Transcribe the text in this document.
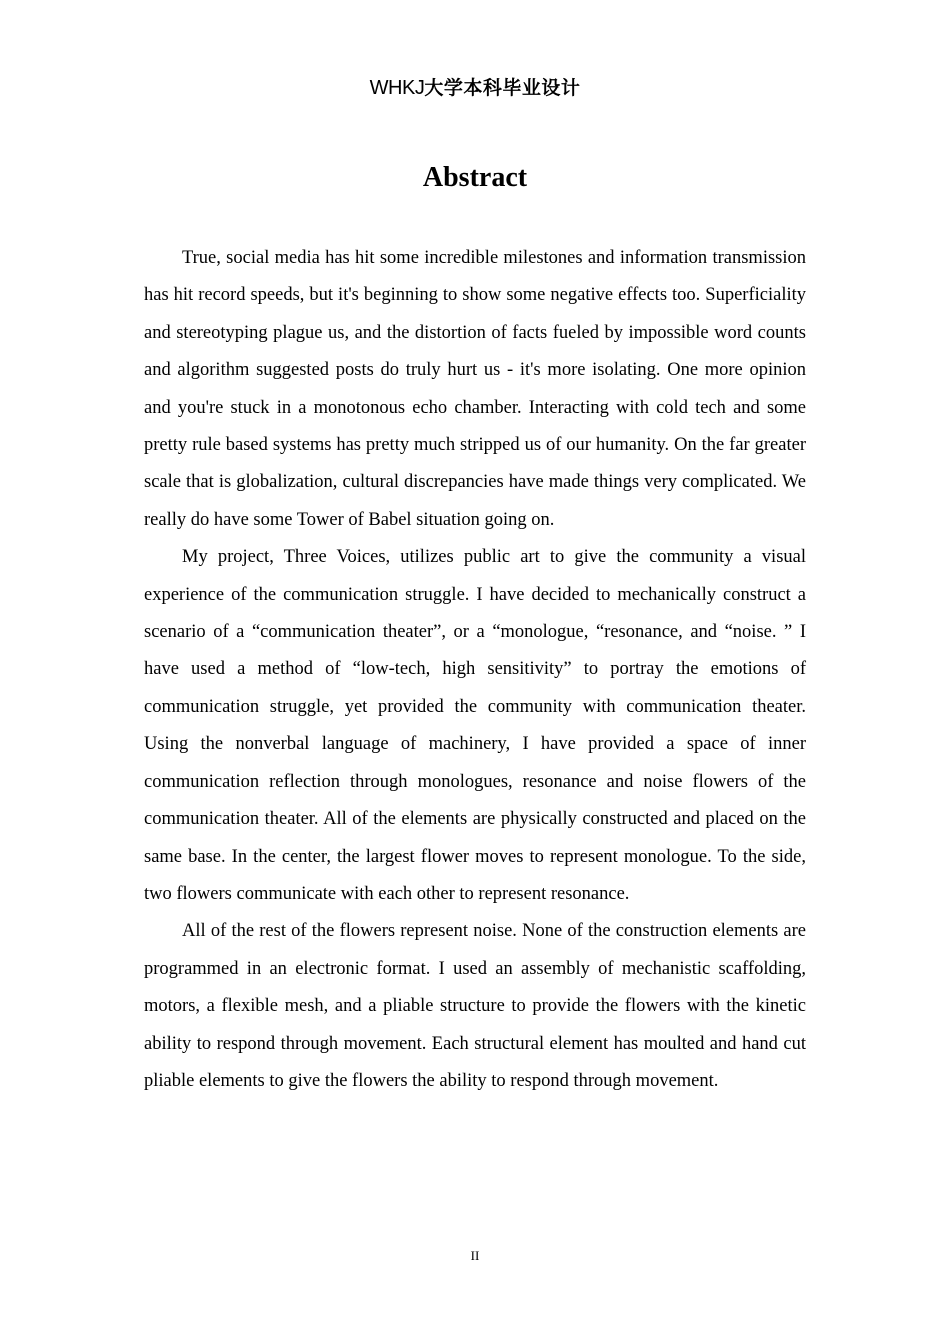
WHKJ大学本科毕业设计
Abstract

True, social media has hit some incredible milestones and information transmission has hit record speeds, but it's beginning to show some negative effects too. Superficiality and stereotyping plague us, and the distortion of facts fueled by impossible word counts and algorithm suggested posts do truly hurt us - it's more isolating. One more opinion and you're stuck in a monotonous echo chamber. Interacting with cold tech and some pretty rule based systems has pretty much stripped us of our humanity. On the far greater scale that is globalization, cultural discrepancies have made things very complicated. We really do have some Tower of Babel situation going on.

My project, Three Voices, utilizes public art to give the community a visual experience of the communication struggle. I have decided to mechanically construct a scenario of a “communication theater”, or a “monologue, “resonance, and “noise. ” I have used a method of “low-tech, high sensitivity” to portray the emotions of communication struggle, yet provided the community with communication theater. Using the nonverbal language of machinery, I have provided a space of inner communication reflection through monologues, resonance and noise flowers of the communication theater. All of the elements are physically constructed and placed on the same base. In the center, the largest flower moves to represent monologue. To the side, two flowers communicate with each other to represent resonance.

All of the rest of the flowers represent noise. None of the construction elements are programmed in an electronic format. I used an assembly of mechanistic scaffolding, motors, a flexible mesh, and a pliable structure to provide the flowers with the kinetic ability to respond through movement. Each structural element has moulted and hand cut pliable elements to give the flowers the ability to respond through movement.

II
